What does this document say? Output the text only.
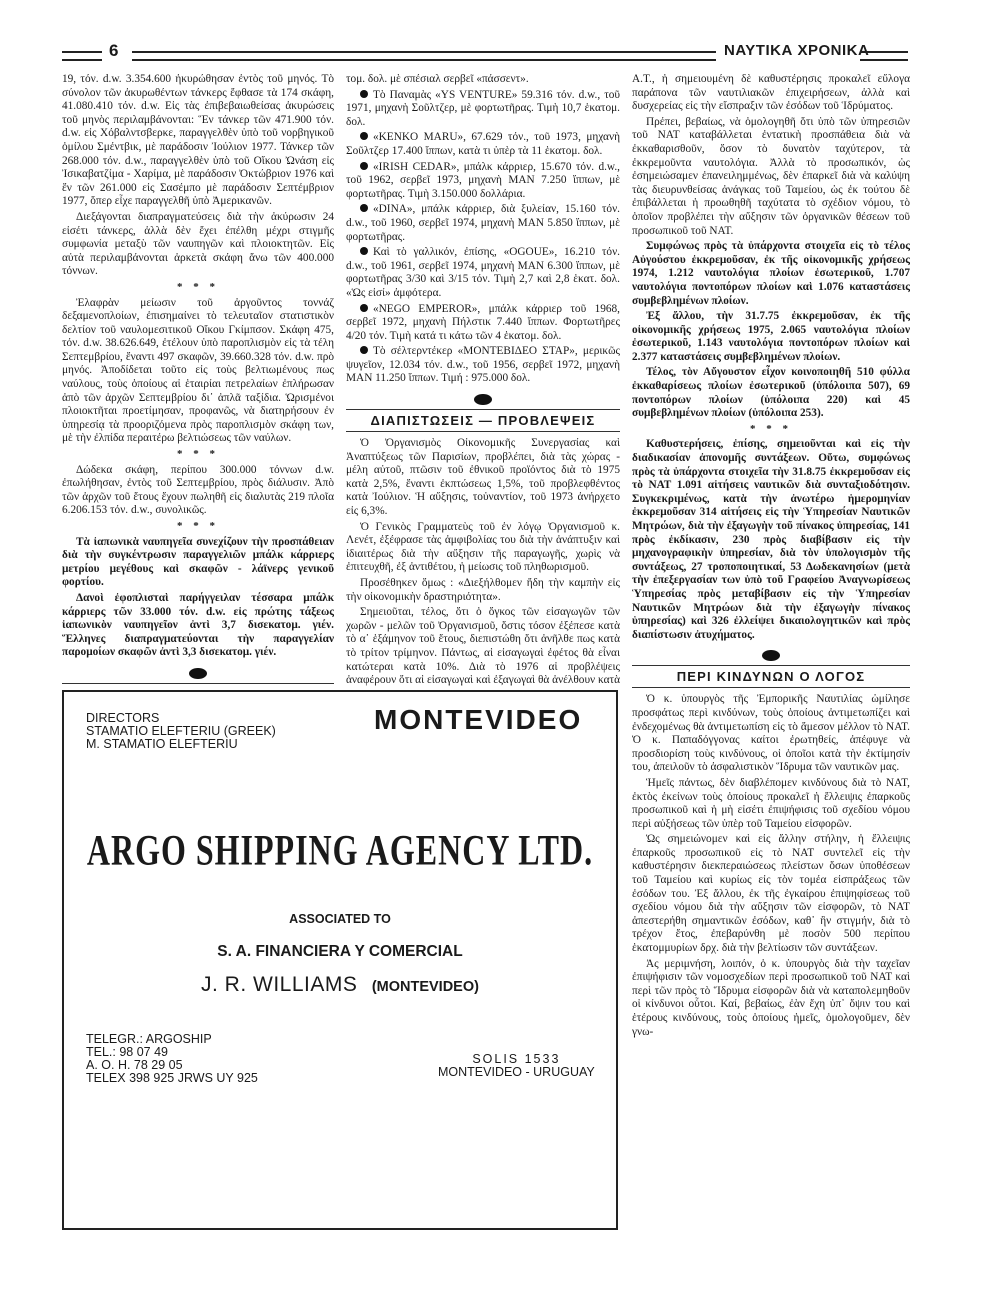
6	ΝΑΥΤΙΚΑ ΧΡΟΝΙΚΑ

19, τόν. d.w. 3.354.600 ἠκυρώθησαν ἐντὸς τοῦ μηνός. Τὸ σύνολον τῶν ἀκυρωθέντων τάνκερς ἔφθασε τὰ 174 σκάφη, 41.080.410 τόν. d.w. Εἰς τὰς ἐπιβεβαιωθείσας ἀκυρώσεις τοῦ μηνὸς περιλαμβάνονται: Ἕν τάνκερ τῶν 471.900 τόν. d.w. εἰς Χόβαλντσβερκε, παραγγελθὲν ὑπὸ τοῦ νορβηγικοῦ ὀμίλου Σμέντβικ, μὲ παράδοσιν Ἰούλιον 1977. Τάνκερ τῶν 268.000 τόν. d.w., παραγγελθὲν ὑπὸ τοῦ Οἴκου Ὠνάση εἰς Ἰσικαβατζίμα - Χαρίμα, μὲ παράδοσιν Ὀκτώβριον 1976 καὶ ἕν τῶν 261.000 εἰς Σασέμπο μὲ παράδοσιν Σεπτέμβριον 1977, ὅπερ εἶχε παραγγελθῆ ὑπὸ Ἀμερικανῶν.

Διεξάγονται διαπραγματεύσεις διὰ τὴν ἀκύρωσιν 24 εἰσέτι τάνκερς, ἀλλὰ δὲν ἔχει ἐπέλθη μέχρι στιγμῆς συμφωνία μεταξὺ τῶν ναυπηγῶν καὶ πλοιοκτητῶν. Εἰς αὐτὰ περιλαμβάνονται ἀρκετὰ σκάφη ἄνω τῶν 400.000 τόννων.

* * *

Ἐλαφρὰν μείωσιν τοῦ ἀργοῦντος τοννάζ δεξαμενοπλοίων, ἐπισημαίνει τὸ τελευταῖον στατιστικὸν δελτίον τοῦ ναυλομεσιτικοῦ Οἴκου Γκίμπσον. Σκάφη 475, τόν. d.w. 38.626.649, ἐτέλουν ὑπὸ παροπλισμὸν εἰς τὰ τέλη Σεπτεμβρίου, ἔναντι 497 σκαφῶν, 39.660.328 τόν. d.w. πρὸ μηνός. Ἀποδίδεται τοῦτο εἰς τοὺς βελτιωμένους πως ναύλους, τοὺς ὁποίους αἱ ἑταιρίαι πετρελαίων ἐπλήρωσαν ἀπὸ τῶν ἀρχῶν Σεπτεμβρίου δι᾽ ἁπλᾶ ταξίδια. Ὡρισμένοι πλοιοκτῆται προετίμησαν, προφανῶς, νὰ διατηρήσουν ἐν ὑπηρεσίᾳ τὰ προοριζόμενα πρὸς παροπλισμὸν σκάφη των, μὲ τὴν ἐλπίδα περαιτέρω βελτιώσεως τῶν ναύλων.

* * *

Δώδεκα σκάφη, περίπου 300.000 τόννων d.w. ἐπωλήθησαν, ἐντὸς τοῦ Σεπτεμβρίου, πρὸς διάλυσιν. Ἀπὸ τῶν ἀρχῶν τοῦ ἔτους ἔχουν πωληθῆ εἰς διαλυτὰς 219 πλοῖα 6.206.153 τόν. d.w., συνολικῶς.

* * *

Τὰ ἰαπωνικὰ ναυπηγεῖα συνεχίζουν τὴν προσπάθειαν διὰ τὴν συγκέντρωσιν παραγγελιῶν μπάλκ κάρριερς μετρίου μεγέθους καὶ σκαφῶν - λάϊνερς γενικοῦ φορτίου.

Δανοὶ ἐφοπλισταὶ παρήγγειλαν τέσσαρα μπάλκ κάρριερς τῶν 33.000 τόν. d.w. εἰς πρώτης τάξεως ἰαπωνικὸν ναυπηγεῖον ἀντὶ 3,7 δισεκατομ. γιέν. Ἕλληνες διαπραγματεύονται τὴν παραγγελίαν παρομοίων σκαφῶν ἀντὶ 3,3 δισεκατομ. γιέν.

τομ. δολ. μὲ σπέσιαλ σερβεῖ «πάσσεντ».

Τὸ Παναμὰς «YS VENTURE» 59.316 τόν. d.w., τοῦ 1971, μηχανὴ Σοῦλτζερ, μὲ φορτωτῆρας. Τιμὴ 10,7 ἑκατομ. δολ.

«KENKO MARU», 67.629 τόν., τοῦ 1973, μηχανὴ Σοῦλτζερ 17.400 ἵππων, κατὰ τι ὑπὲρ τὰ 11 ἑκατομ. δολ.

«IRISH CEDAR», μπάλκ κάρριερ, 15.670 τόν. d.w., τοῦ 1962, σερβεῖ 1973, μηχανὴ MAN 7.250 ἵππων, μὲ φορτωτῆρας. Τιμὴ 3.150.000 δολλάρια.

«DINA», μπάλκ κάρριερ, διὰ ξυλείαν, 15.160 τόν. d.w., τοῦ 1960, σερβεῖ 1974, μηχανὴ MAN 5.850 ἵππων, μὲ φορτωτῆρας.

Καὶ τὸ γαλλικόν, ἐπίσης, «OGOUE», 16.210 τόν. d.w., τοῦ 1961, σερβεῖ 1974, μηχανὴ MAN 6.300 ἵππων, μὲ φορτωτῆρας 3/30 καὶ 3/15 τόν. Τιμὴ 2,7 καὶ 2,8 ἑκατ. δολ. «Ὡς εἰσί» ἀμφότερα.

«NEGO EMPEROR», μπάλκ κάρριερ τοῦ 1968, σερβεῖ 1972, μηχανὴ Πήλστικ 7.440 ἵππων. Φορτωτῆρες 4/20 τόν. Τιμὴ κατά τι κάτω τῶν 4 ἑκατομ. δολ.

Τὸ σέλτερντέκερ «ΜΟΝΤΕΒΙΔΕΟ ΣΤΑΡ», μερικῶς ψυγεῖον, 12.034 τόν. d.w., τοῦ 1956, σερβεῖ 1972, μηχανὴ MAN 11.250 ἵππων. Τιμή : 975.000 δολ.

ΔΙΑΠΙΣΤΩΣΕΙΣ — ΠΡΟΒΛΕΨΕΙΣ

Ὁ Ὀργανισμὸς Οἰκονομικῆς Συνεργασίας καὶ Ἀναπτύξεως τῶν Παρισίων, προβλέπει, διὰ τὰς χώρας - μέλη αὐτοῦ, πτῶσιν τοῦ ἐθνικοῦ προϊόντος διὰ τὸ 1975 κατὰ 2,5%, ἔναντι ἐκπτώσεως 1,5%, τοῦ προβλεφθέντος κατὰ Ἰούλιον. Ἡ αὔξησις, τοὐναντίον, τοῦ 1973 ἀνήρχετο εἰς 6,3%.

Ὁ Γενικὸς Γραμματεὺς τοῦ ἐν λόγῳ Ὀργανισμοῦ κ. Λενέτ, ἐξέφρασε τὰς ἀμφιβολίας του διὰ τὴν ἀνάπτυξιν καὶ ἰδιαιτέρως διὰ τὴν αὔξησιν τῆς παραγωγῆς, χωρὶς νὰ ἐπιτευχθῆ, ἐξ ἀντιθέτου, ἡ μείωσις τοῦ πληθωρισμοῦ.

Προσέθηκεν ὅμως : «Διεξήλθομεν ἤδη τὴν καμπὴν εἰς τὴν οἰκονομικὴν δραστηριότητα».

Σημειοῦται, τέλος, ὅτι ὁ ὄγκος τῶν εἰσαγωγῶν τῶν χωρῶν - μελῶν τοῦ Ὀργανισμοῦ, ὅστις τόσον ἐξέπεσε κατὰ τὸ α᾽ ἑξάμηνον τοῦ ἔτους, διεπιστώθη ὅτι ἀνῆλθε πως κατὰ τὸ τρίτον τρίμηνον. Πάντως, αἱ εἰσαγωγαὶ ἐφέτος θὰ εἶναι κατώτεραι κατὰ 10%. Διὰ τὸ 1976 αἱ προβλέψεις ἀναφέρουν ὅτι αἱ εἰσαγωγαὶ καὶ ἐξαγωγαὶ θὰ ἀνέλθουν κατὰ

Α.Τ., ἡ σημειουμένη δὲ καθυστέρησις προκαλεῖ εὔλογα παράπονα τῶν ναυτιλιακῶν ἐπιχειρήσεων, ἀλλὰ καὶ δυσχερείας εἰς τὴν εἴσπραξιν τῶν ἐσόδων τοῦ Ἱδρύματος.

Πρέπει, βεβαίως, νὰ ὁμολογηθῆ ὅτι ὑπὸ τῶν ὑπηρεσιῶν τοῦ ΝΑΤ καταβάλλεται ἐντατικὴ προσπάθεια διὰ νὰ ἐκκαθαρισθοῦν, ὅσον τὸ δυνατὸν ταχύτερον, τὰ ἐκκρεμοῦντα ναυτολόγια. Ἀλλὰ τὸ προσωπικόν, ὡς ἐσημειώσαμεν ἐπανειλημμένως, δὲν ἐπαρκεῖ διὰ νὰ καλύψη τὰς διευρυνθείσας ἀνάγκας τοῦ Ταμείου, ὡς ἐκ τούτου δὲ ἐπιβάλλεται ἡ προωθηθῆ ταχύτατα τὸ σχέδιον νόμου, τὸ ὁποῖον προβλέπει τὴν αὔξησιν τῶν ὀργανικῶν θέσεων τοῦ προσωπικοῦ τοῦ ΝΑΤ.

Συμφώνως πρὸς τὰ ὑπάρχοντα στοιχεῖα εἰς τὸ τέλος Αὐγούστου ἐκκρεμοῦσαν, ἐκ τῆς οἰκονομικῆς χρήσεως 1974, 1.212 ναυτολόγια πλοίων ἐσωτερικοῦ, 1.707 ναυτολόγια ποντοπόρων πλοίων καὶ 1.076 καταστάσεις συμβεβλημένων πλοίων.

Ἐξ ἄλλου, τὴν 31.7.75 ἐκκρεμοῦσαν, ἐκ τῆς οἰκονομικῆς χρήσεως 1975, 2.065 ναυτολόγια πλοίων ἐσωτερικοῦ, 1.143 ναυτολόγια ποντοπόρων πλοίων καὶ 2.377 καταστάσεις συμβεβλημένων πλοίων.

Τέλος, τὸν Αὔγουστον εἶχον κοινοποιηθῆ 510 φύλλα ἐκκαθαρίσεως πλοίων ἐσωτερικοῦ (ὑπόλοιπα 507), 69 ποντοπόρων πλοίων (ὑπόλοιπα 220) καὶ 45 συμβεβλημένων πλοίων (ὑπόλοιπα 253).

* * *

Καθυστερήσεις, ἐπίσης, σημειοῦνται καὶ εἰς τὴν διαδικασίαν ἀπονομῆς συντάξεων. Οὕτω, συμφώνως πρὸς τὰ ὑπάρχοντα στοιχεῖα τὴν 31.8.75 ἐκκρεμοῦσαν εἰς τὸ ΝΑΤ 1.091 αἰτήσεις ναυτικῶν διὰ συνταξιοδότησιν. Συγκεκριμένως, κατὰ τὴν ἀνωτέρω ἡμερομηνίαν ἐκκρεμοῦσαν 314 αἰτήσεις εἰς τὴν Ὑπηρεσίαν Ναυτικῶν Μητρώων, διὰ τὴν ἐξαγωγὴν τοῦ πίνακος ὑπηρεσίας, 141 πρὸς ἐκδίκασιν, 230 πρὸς διαβίβασιν εἰς τὴν μηχανογραφικὴν ὑπηρεσίαν, διὰ τὸν ὑπολογισμὸν τῆς συντάξεως, 27 τροποποιητικαί, 53 Δωδεκανησίων (μετὰ τὴν ἐπεξεργασίαν των ὑπὸ τοῦ Γραφείου Ἀναγνωρίσεως Ὑπηρεσίας πρὸς μεταβίβασιν εἰς τὴν Ὑπηρεσίαν Ναυτικῶν Μητρώων διὰ τὴν ἐξαγωγὴν πίνακος ὑπηρεσίας) καὶ 326 ἐλλείψει δικαιολογητικῶν καὶ πρὸς διαπίστωσιν ἀτυχήματος.

ΠΕΡΙ ΚΙΝΔΥΝΩΝ Ο ΛΟΓΟΣ

Ὁ κ. ὑπουργὸς τῆς Ἐμπορικῆς Ναυτιλίας ὡμίλησε προσφάτως περὶ κινδύνων, τοὺς ὁποίους ἀντιμετωπίζει καὶ ἐνδεχομένως θὰ ἀντιμετωπίση εἰς τὸ ἄμεσον μέλλον τὸ ΝΑΤ. Ὁ κ. Παπαδόγγονας καίτοι ἐρωτηθείς, ἀπέφυγε νὰ προσδιορίση τοὺς κινδύνους, οἱ ὁποῖοι κατὰ τὴν ἐκτίμησίν του, ἀπειλοῦν τὸ ἀσφαλιστικὸν Ἵδρυμα τῶν ναυτικῶν μας.

Ἡμεῖς πάντως, δὲν διαβλέπομεν κινδύνους διὰ τὸ ΝΑΤ, ἐκτὸς ἐκείνων τοὺς ὁποίους προκαλεῖ ἡ ἔλλειψις ἐπαρκοῦς προσωπικοῦ καὶ ἡ μὴ εἰσέτι ἐπιψήφισις τοῦ σχεδίου νόμου περὶ αὐξήσεως τῶν ὑπὲρ τοῦ Ταμείου εἰσφορῶν.

Ὡς σημειώνομεν καὶ εἰς ἄλλην στήλην, ἡ ἔλλειψις ἐπαρκοῦς προσωπικοῦ εἰς τὸ ΝΑΤ συντελεῖ εἰς τὴν καθυστέρησιν διεκπεραιώσεως πλείστων ὅσων ὑποθέσεων τοῦ Ταμείου καὶ κυρίως εἰς τὸν τομέα εἰσπράξεως τῶν ἐσόδων του. Ἐξ ἄλλου, ἐκ τῆς ἐγκαίρου ἐπιψηφίσεως τοῦ σχεδίου νόμου διὰ τὴν αὔξησιν τῶν εἰσφορῶν, τὸ ΝΑΤ ἀπεστερήθη σημαντικῶν ἐσόδων, καθ᾽ ἣν στιγμήν, διὰ τὸ τρέχον ἔτος, ἐπεβαρύνθη μὲ ποσὸν 500 περίπου ἑκατομμυρίων δρχ. διὰ τὴν βελτίωσιν τῶν συντάξεων.

Ἀς μεριμνήση, λοιπόν, ὁ κ. ὑπουργὸς διὰ τὴν ταχεῖαν ἐπιψήφισιν τῶν νομοσχεδίων περὶ προσωπικοῦ τοῦ ΝΑΤ καὶ περὶ τῶν πρὸς τὸ Ἵδρυμα εἰσφορῶν διὰ νὰ καταπολεμηθοῦν οἱ κίνδυνοι οὗτοι. Καί, βεβαίως, ἐὰν ἔχη ὑπ᾽ ὄψιν του καὶ ἑτέρους κινδύνους, τοὺς ὁποίους ἡμεῖς, ὁμολογοῦμεν, δὲν γνω-

DIRECTORS
STAMATIO ELEFTERIU (GREEK)
M. STAMATIO ELEFTERIU
MONTEVIDEO
ARGO SHIPPING AGENCY LTD.
ASSOCIATED TO
S. A. FINANCIERA Y COMERCIAL
J. R. WILLIAMS (MONTEVIDEO)
TELEGR.: ARGOSHIP
TEL.: 98 07 49
A. O. H. 78 29 05
TELEX 398 925 JRWS UY 925
SOLIS 1533
MONTEVIDEO - URUGUAY
